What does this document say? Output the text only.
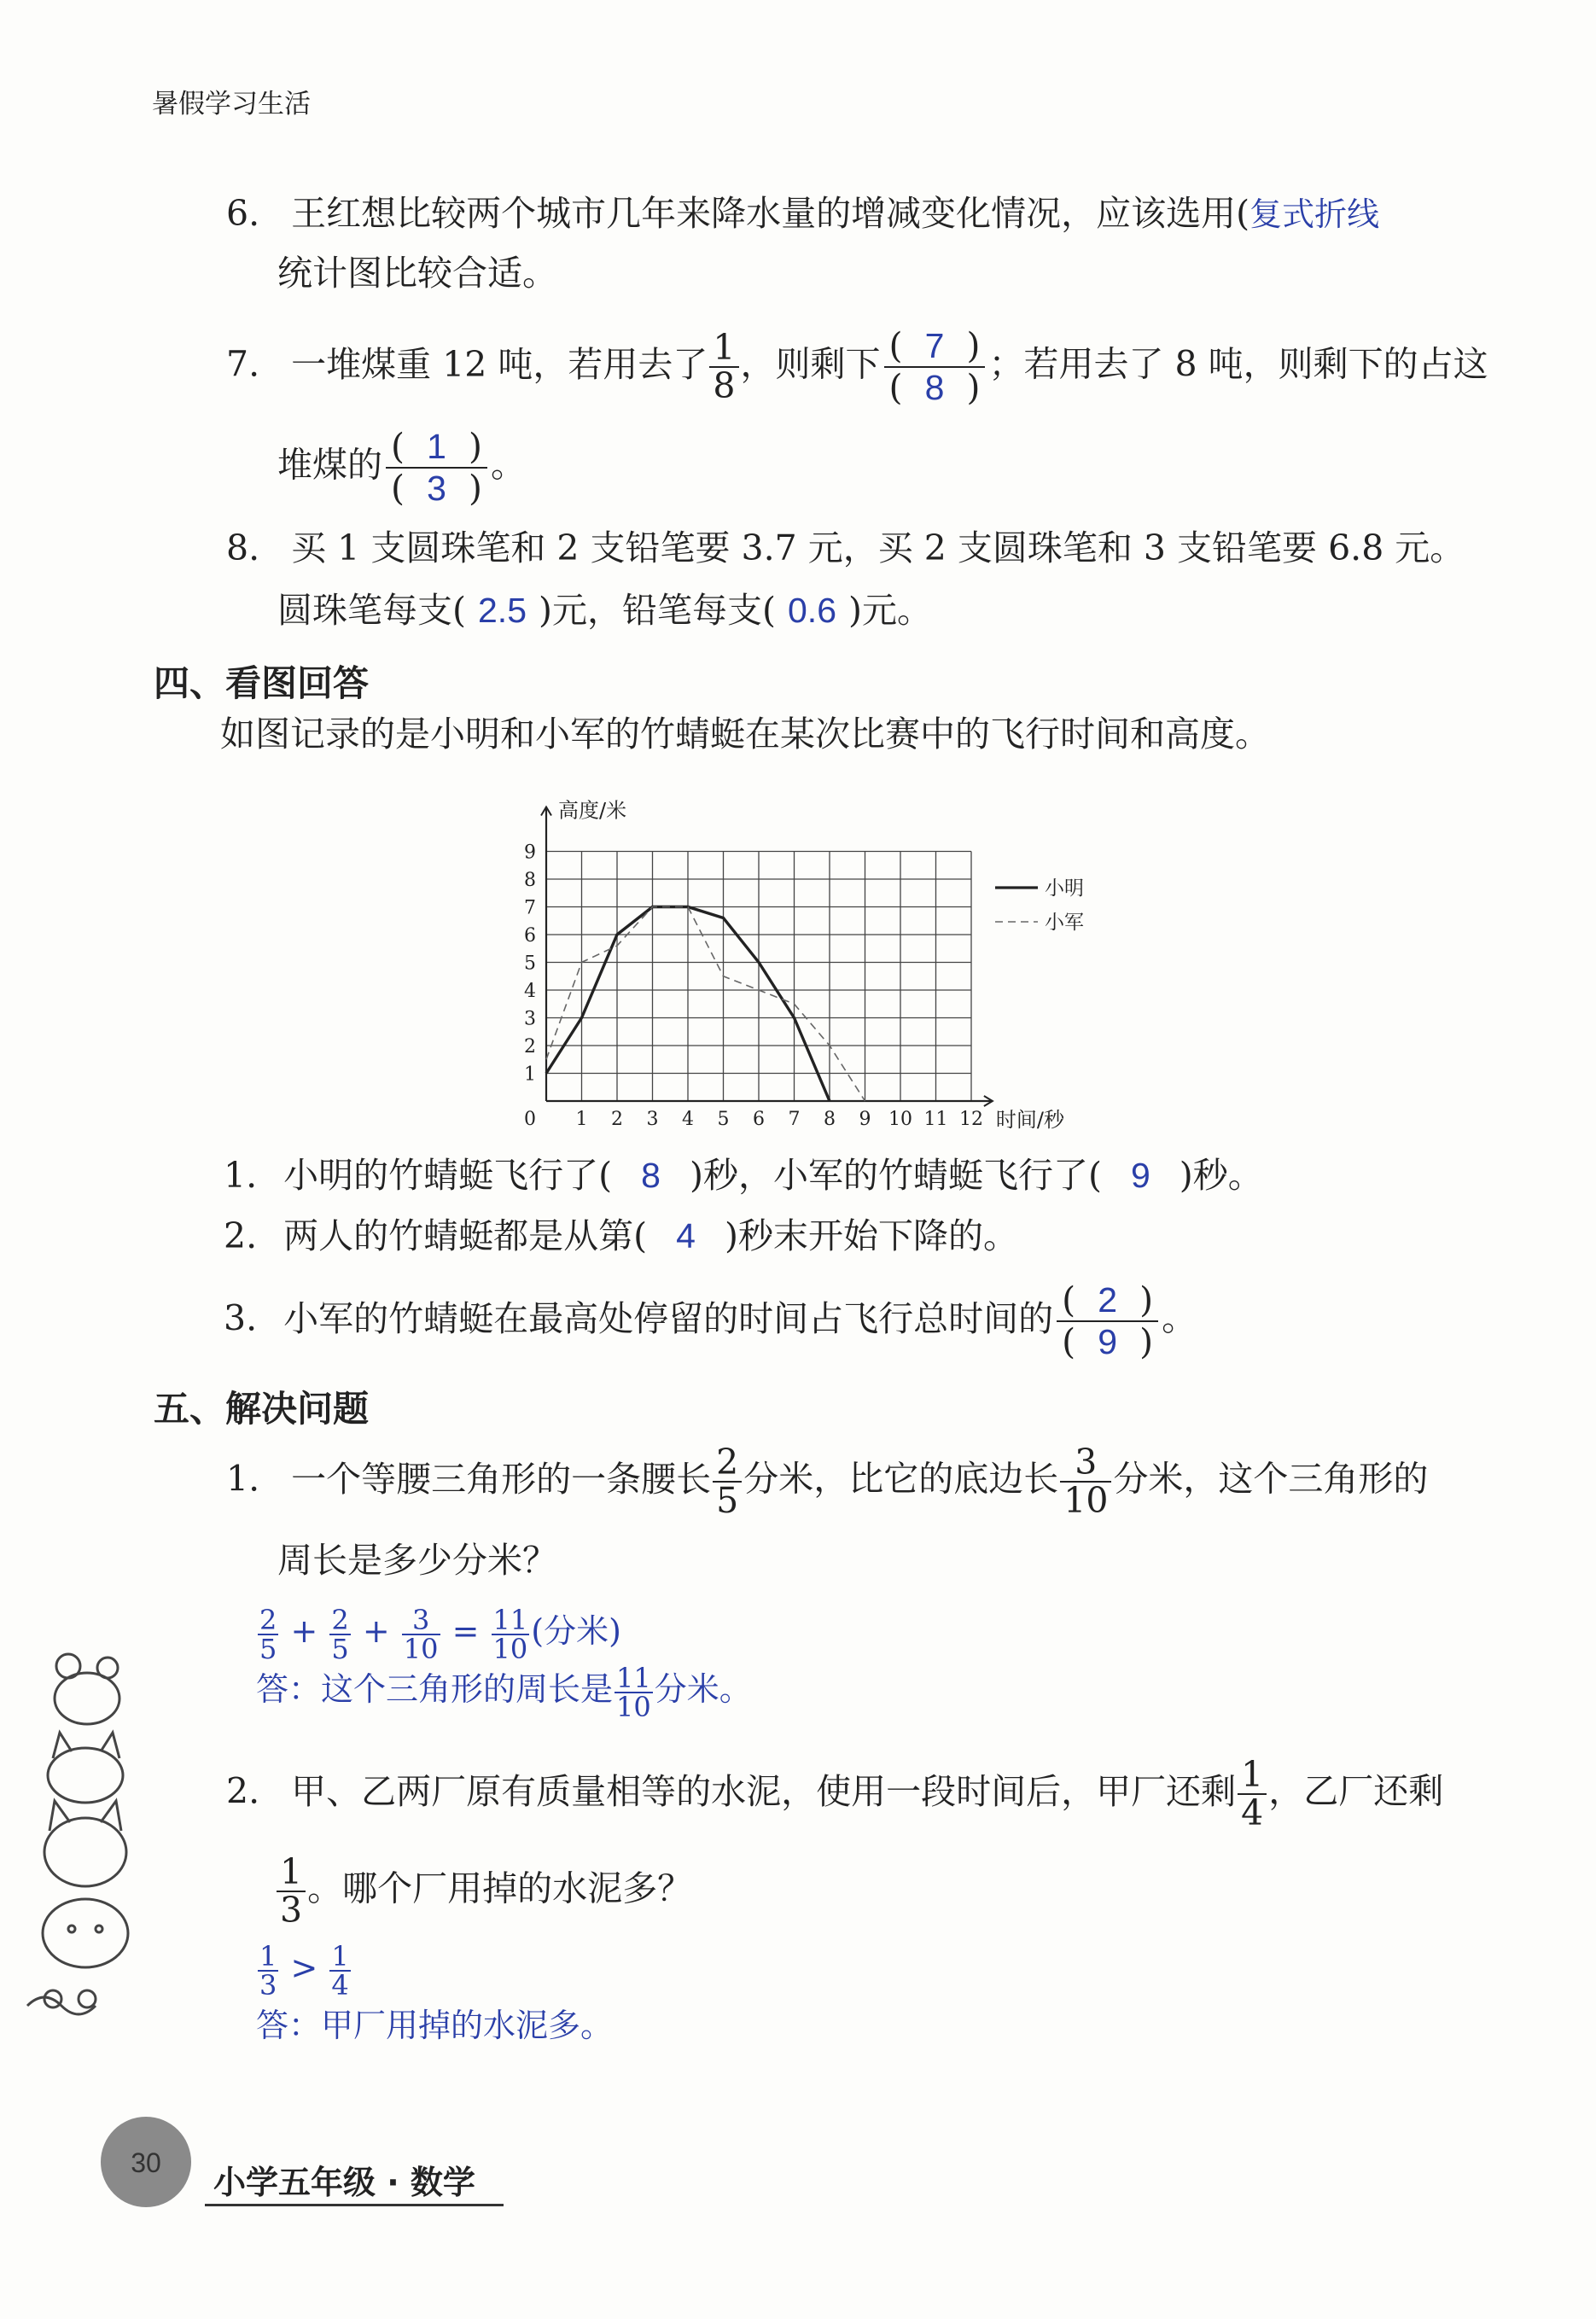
暑假学习生活
6. 王红想比较两个城市几年来降水量的增减变化情况，应该选用(复式折线
统计图比较合适。
7. 一堆煤重 12 吨，若用去了 $\frac{1}{8}$ ，则剩下 $\frac{( 7 )}{( 8 )}$ ；若用去了 8 吨，则剩下的占这
堆煤的 $\frac{( 1 )}{( 3 )}$ 。
8. 买 1 支圆珠笔和 2 支铅笔要 3.7 元，买 2 支圆珠笔和 3 支铅笔要 6.8 元。
圆珠笔每支( 2.5 )元，铅笔每支( 0.6 )元。
四、看图回答
如图记录的是小明和小军的竹蜻蜓在某次比赛中的飞行时间和高度。
1 2 3 4 5 6 7 8 9 10 11 12
1
2
3
4
5
6
7
8
9
0
高度/米
时间/秒
小明
小军
1. 小明的竹蜻蜓飞行了( 8 )秒，小军的竹蜻蜓飞行了( 9 )秒。
2. 两人的竹蜻蜓都是从第( 4 )秒末开始下降的。
3. 小军的竹蜻蜓在最高处停留的时间占飞行总时间的 $\frac{( 2 )}{( 9 )}$ 。
五、解决问题
1. 一个等腰三角形的一条腰长 $\frac{2}{5}$ 分米，比它的底边长 $\frac{3}{10}$ 分米，这个三角形的
周长是多少分米？
$\frac{2}{5} + \frac{2}{5} + \frac{3}{10} = \frac{11}{10}$ (分米)
答：这个三角形的周长是 $\frac{11}{10}$ 分米。
2. 甲、乙两厂原有质量相等的水泥，使用一段时间后，甲厂还剩 $\frac{1}{4}$ ，乙厂还剩
$\frac{1}{3}$ 。哪个厂用掉的水泥多？
$\frac{1}{3} > \frac{1}{4}$
答：甲厂用掉的水泥多。
30
小学五年级 · 数学
